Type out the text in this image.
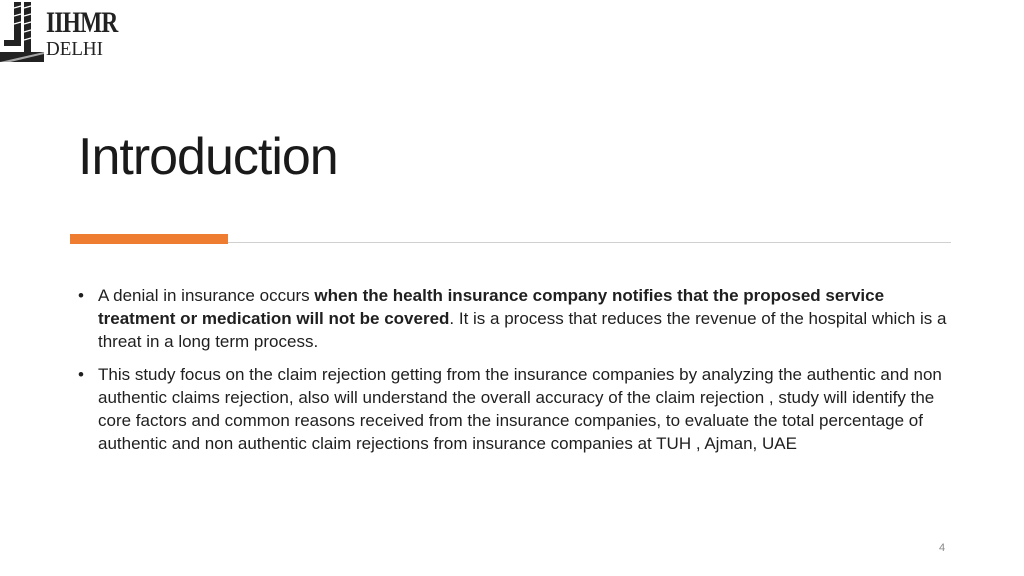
IIHMR
DELHI
Introduction
• A denial in insurance occurs when the health insurance company notifies that the proposed service treatment or medication will not be covered. It is a process that reduces the revenue of the hospital which is a threat in a long term process.
• This study focus on the claim rejection getting from the insurance companies by analyzing the authentic and non authentic claims rejection, also will understand the overall accuracy of the claim rejection , study will identify the core factors and common reasons received from the insurance companies, to evaluate the total percentage of authentic and non authentic claim rejections from insurance companies at TUH , Ajman, UAE
4
